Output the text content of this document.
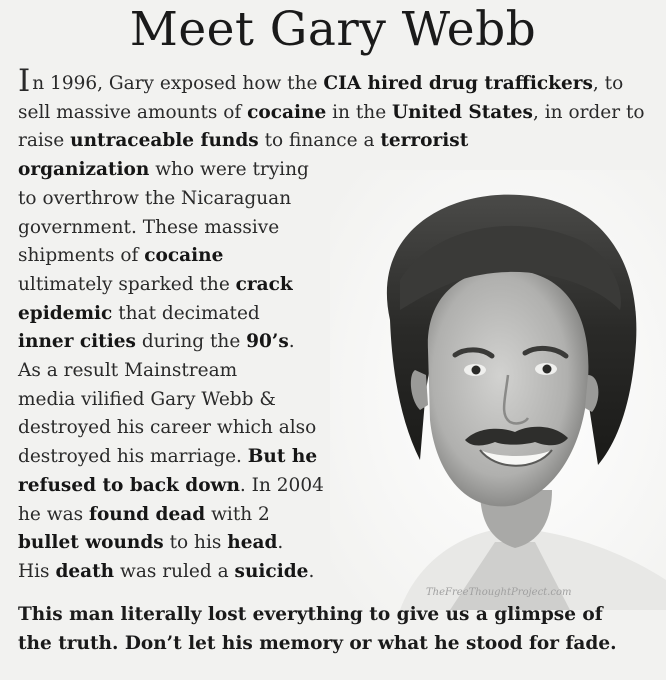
Meet Gary Webb

In 1996, Gary exposed how the CIA hired drug traffickers, to sell massive amounts of cocaine in the United States, in order to raise untraceable funds to finance a terrorist

organization who were trying
to overthrow the Nicaraguan
government. These massive
shipments of cocaine
ultimately sparked the crack
epidemic that decimated
inner cities during the 90’s.
As a result Mainstream
media vilified Gary Webb &
destroyed his career which also
destroyed his marriage. But he
refused to back down. In 2004
he was found dead with 2
bullet wounds to his head.
His death was ruled a suicide.
TheFreeThoughtProject.com
This man literally lost everything to give us a glimpse of
the truth. Don’t let his memory or what he stood for fade.
